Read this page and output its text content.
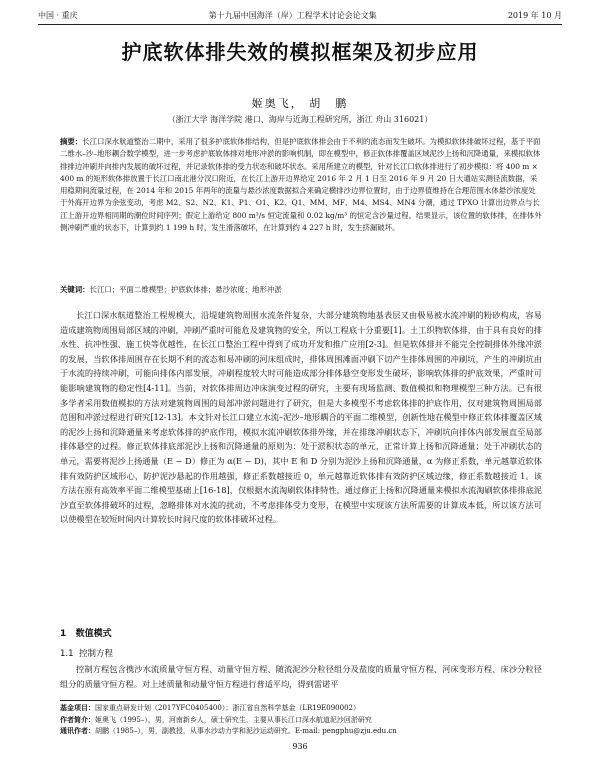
中国 · 重庆	第十九届中国海洋（岸）工程学术讨论会论文集	2019 年 10 月
护底软体排失效的模拟框架及初步应用
姬奥飞， 胡　鹏
（浙江大学 海洋学院 港口、海岸与近海工程研究所，浙江 舟山 316021）
摘要：长江口深水航道整治二期中，采用了很多护底软体排结构，但是护底软体排会由于不利的流态而发生破坏。为模拟软体排破坏过程，基于平面二维水–沙–地形耦合数学模型，进一步考虑护底软体排对地形冲淤的影响机制，即在模型中，修正软体排覆盖区域泥沙上扬和沉降通量，来模拟软体排排边冲刷并向排内发展的破坏过程，并记录软体排的受力状态和破坏状态。采用所建立的模型，针对长江口软体排进行了初步模拟：将 400 m × 400 m 的矩形软体排放置于长江口南北港分汊口附近，在长江上游开边界给定 2016 年 2 月 1 日至 2016 年 9 月 20 日大通站实测径流数据，采用稳期间流量过程，在 2014 年和 2015 年两年的流量与悬沙浓度数据拟合来确定横排沙边界位置时，由于边界值维持在合理范围水体悬沙浓度处于外海开边界为余弦变动，考虑 M2、S2、N2、K1、P1、O1、K2、Q1、MM、MF、M4、MS4、MN4 分潮，通过 TPXO 计算出边界点与长江上游开边界相同期的潮位时间序列；假定上游给定 800 m³/s 恒定流量和 0.02 kg/m³ 的恒定含沙量过程。结果显示，该位置的软体排，在排体外侧冲刷严重的状态下，计算到约 1 199 h 时，发生滑落破坏，在计算到约 4 227 h 时，发生挤漏破坏。
关键词：长江口；平面二维模型；护底软体排；悬沙浓度；地形冲淤

长江口深水航道整治工程规模大，沿堤建筑物周围水流条件复杂，大部分建筑物地基表层又由极易被水流冲刷的粉砂构成，容易造成建筑物周围局部区域的冲刷，冲刷严重时可能危及建筑物的安全，所以工程底十分重要[1]。土工织物软体排，由于具有良好的排水性、抗冲性强、施工快等优越性，在长江口整治工程中得到了成功开发和推广应用[2-3]。但是软体排并不能完全控制排体外缘冲淤的发展，当软体排周围存在长期不利的流态和易冲刷的河床组成时，排体周围滩面冲刷下切产生排体周围的冲刷坑，产生的冲刷坑由于水流的持续冲刷，可能向排体内部发展，冲刷程度较大时可能造成部分排体悬空变形发生破坏，影响软体排的护底效果，严重时可能影响建筑物的稳定性[4-11]。当前，对软体排周边冲床演变过程的研究，主要有现场监测、数值模拟和物理模型三种方法。已有很多学者采用数值模拟的方法对建筑物周围的局部冲淤问题进行了研究，但是大多模型不考虑软体排的护底作用，仅对建筑物周围局部范围和冲淤过程进行研究[12-13]。本文针对长江口建立水流–泥沙–地形耦合的平面二维模型，创新性地在模型中修正软体排覆盖区域的泥沙上扬和沉降通量来考虑软体排的护底作用，模拟水流冲刷软体排外缘，并在排缘冲刷状态下，冲刷坑向排体内部发展直至局部排体悬空的过程。修正软体排底部泥沙上扬和沉降通量的原则为：处于淤积状态的单元，正常计算上扬和沉降通量；处于冲刷状态的单元，需要将泥沙上扬通量（E − D）修正为 α(E − D)，其中 E 和 D 分别为泥沙上扬和沉降通量，α 为修正系数，单元越靠近软体排有效防护区域形心，防护泥沙悬起的作用越强，修正系数越接近 0，单元越靠近软体排有效防护区域边缘，修正系数越接近 1。该方法在原有高效率平面二维模型基础上[16-18]，仅根据水流淘刷软体排特性，通过修正上扬和沉降通量来模拟水流淘刷软体排排底泥沙直至软体排破坏的过程，忽略排体对水流的扰动，不考虑排体受力变形，在模型中实现该方法所需要的计算成本低，所以该方法可以使模型在较短时间内计算较长时间尺度的软体排破坏过程。

1 数值模式
1.1 控制方程

控制方程包含携沙水流质量守恒方程、动量守恒方程、随流泥沙分粒径组分及盐度的质量守恒方程、河床变形方程、床沙分粒径组分的质量守恒方程。对上述质量和动量守恒方程进行普适平均，得到雷诺平

基金项目：国家重点研发计划（2017YFC0405400）；浙江省自然科学基金（LR19E090002）
作者简介：姬奥飞（1995–），男，河南新乡人，硕士研究生，主要从事长江口深水航道泥沙回淤研究
通讯作者：胡鹏（1985–），男，副教授，从事水沙动力学和泥沙运动研究。E-mail: pengphu@zju.edu.cn
936
